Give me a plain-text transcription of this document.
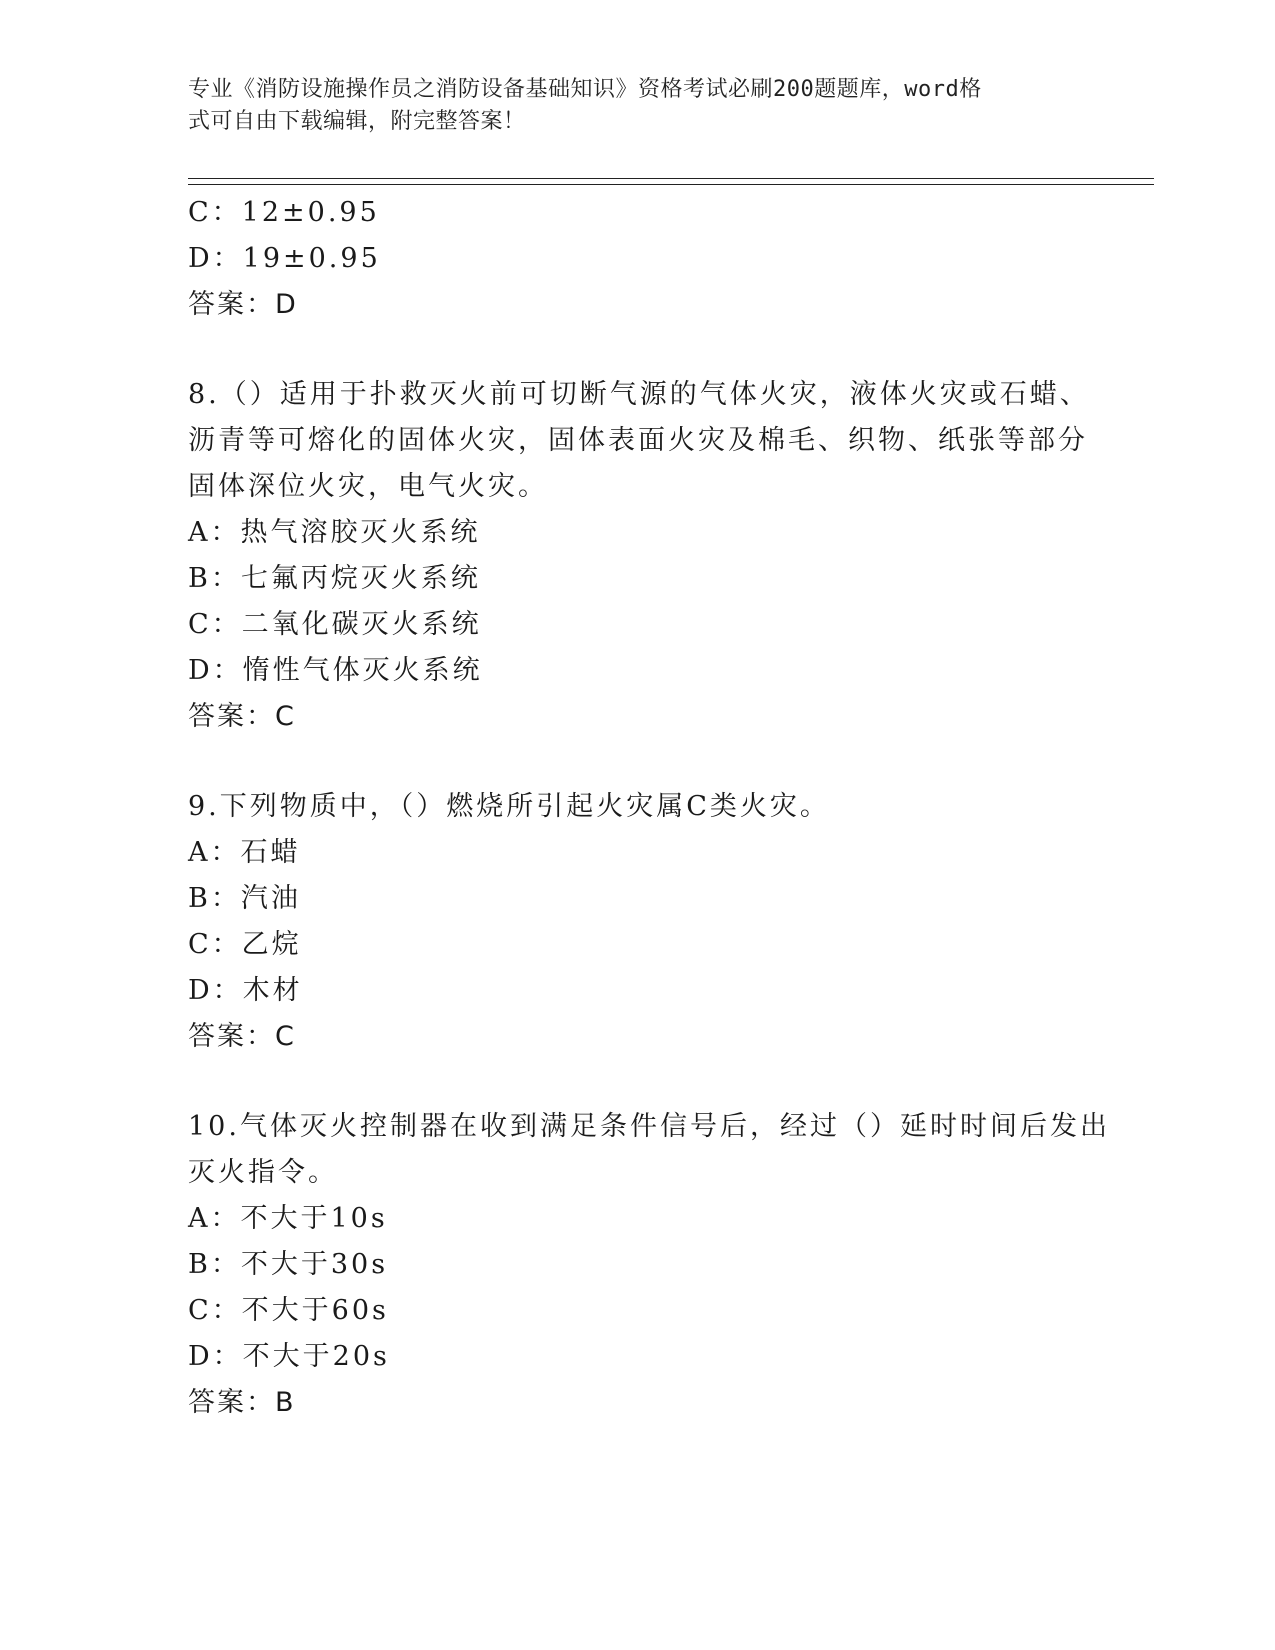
专业《消防设施操作员之消防设备基础知识》资格考试必刷200题题库，word格
式可自由下载编辑，附完整答案！
C：12±0.95
D：19±0.95
答案：D
8.（）适用于扑救灭火前可切断气源的气体火灾，液体火灾或石蜡、
沥青等可熔化的固体火灾，固体表面火灾及棉毛、织物、纸张等部分
固体深位火灾，电气火灾。
A：热气溶胶灭火系统
B：七氟丙烷灭火系统
C：二氧化碳灭火系统
D：惰性气体灭火系统
答案：C
9.下列物质中，（）燃烧所引起火灾属C类火灾。
A：石蜡
B：汽油
C：乙烷
D：木材
答案：C
10.气体灭火控制器在收到满足条件信号后，经过（）延时时间后发出
灭火指令。
A：不大于10s
B：不大于30s
C：不大于60s
D：不大于20s
答案：B
